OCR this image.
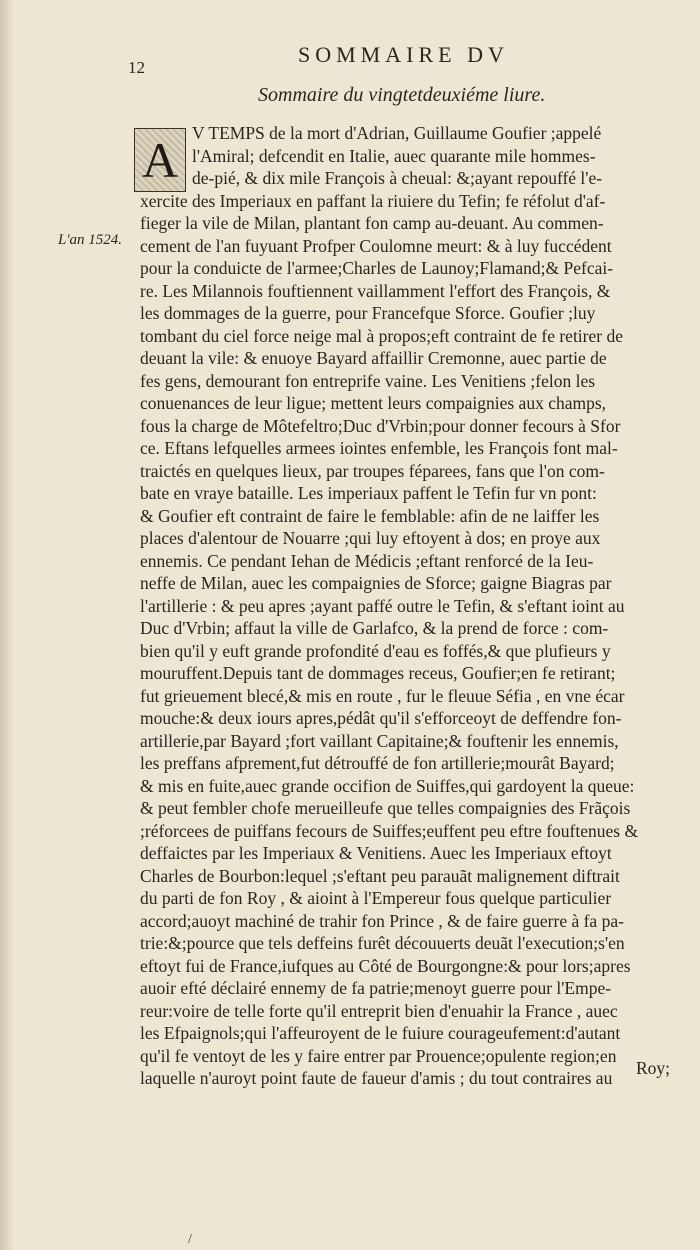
12
SOMMAIRE DV
Sommaire du vingtetdeuxiéme liure.
L'an 1524.
A V TEMPS de la mort d'Adrian, Guillaume Goufier ;appelé
l'Amiral; defcendit en Italie, auec quarante mile hommes-
de-pié, & dix mile François à cheual: &;ayant repouffé l'e-
xercite des Imperiaux en paffant la riuiere du Tefin; fe réfolut d'af-
fieger la vile de Milan, plantant fon camp au-deuant. Au commen-
cement de l'an fuyuant Profper Coulomne meurt: & à luy fuccédent
pour la conduicte de l'armee;Charles de Launoy;Flamand;& Pefcai-
re. Les Milannois fouftiennent vaillamment l'effort des François, &
les dommages de la guerre, pour Francefque Sforce. Goufier ;luy
tombant du ciel force neige mal à propos;eft contraint de fe retirer de
deuant la vile: & enuoye Bayard affaillir Cremonne, auec partie de
fes gens, demourant fon entreprife vaine. Les Venitiens ;felon les
conuenances de leur ligue; mettent leurs compaignies aux champs,
fous la charge de Môtefeltro;Duc d'Vrbin;pour donner fecours à Sfor
ce. Eftans lefquelles armees iointes enfemble, les François font mal-
traictés en quelques lieux, par troupes féparees, fans que l'on com-
bate en vraye bataille. Les imperiaux paffent le Tefin fur vn pont:
& Goufier eft contraint de faire le femblable: afin de ne laiffer les
places d'alentour de Nouarre ;qui luy eftoyent à dos; en proye aux
ennemis. Ce pendant Iehan de Médicis ;eftant renforcé de la Ieu-
neffe de Milan, auec les compaignies de Sforce; gaigne Biagras par
l'artillerie : & peu apres ;ayant paffé outre le Tefin, & s'eftant ioint au
Duc d'Vrbin; affaut la ville de Garlafco, & la prend de force : com-
bien qu'il y euft grande profondité d'eau es foffés,& que plufieurs y
mouruffent.Depuis tant de dommages receus, Goufier;en fe retirant;
fut grieuement blecé,& mis en route , fur le fleuue Séfia , en vne écar
mouche:& deux iours apres,pédât qu'il s'efforceoyt de deffendre fon-
artillerie,par Bayard ;fort vaillant Capitaine;& fouftenir les ennemis,
les preffans afprement,fut détrouffé de fon artillerie;mourât Bayard;
& mis en fuite,auec grande occifion de Suiffes,qui gardoyent la queue:
& peut fembler chofe merueilleufe que telles compaignies des Frãçois
;réforcees de puiffans fecours de Suiffes;euffent peu eftre fouftenues &
deffaictes par les Imperiaux & Venitiens. Auec les Imperiaux eftoyt
Charles de Bourbon:lequel ;s'eftant peu parauãt malignement diftrait
du parti de fon Roy , & aioint à l'Empereur fous quelque particulier
accord;auoyt machiné de trahir fon Prince , & de faire guerre à fa pa-
trie:&;pource que tels deffeins furêt découuerts deuãt l'execution;s'en
eftoyt fui de France,iufques au Côté de Bourgongne:& pour lors;apres
auoir efté déclairé ennemy de fa patrie;menoyt guerre pour l'Empe-
reur:voire de telle forte qu'il entreprit bien d'enuahir la France , auec
les Efpaignols;qui l'affeuroyent de le fuiure courageufement:d'autant
qu'il fe ventoyt de les y faire entrer par Prouence;opulente region;en
laquelle n'auroyt point faute de faueur d'amis ; du tout contraires au Roy;
/
